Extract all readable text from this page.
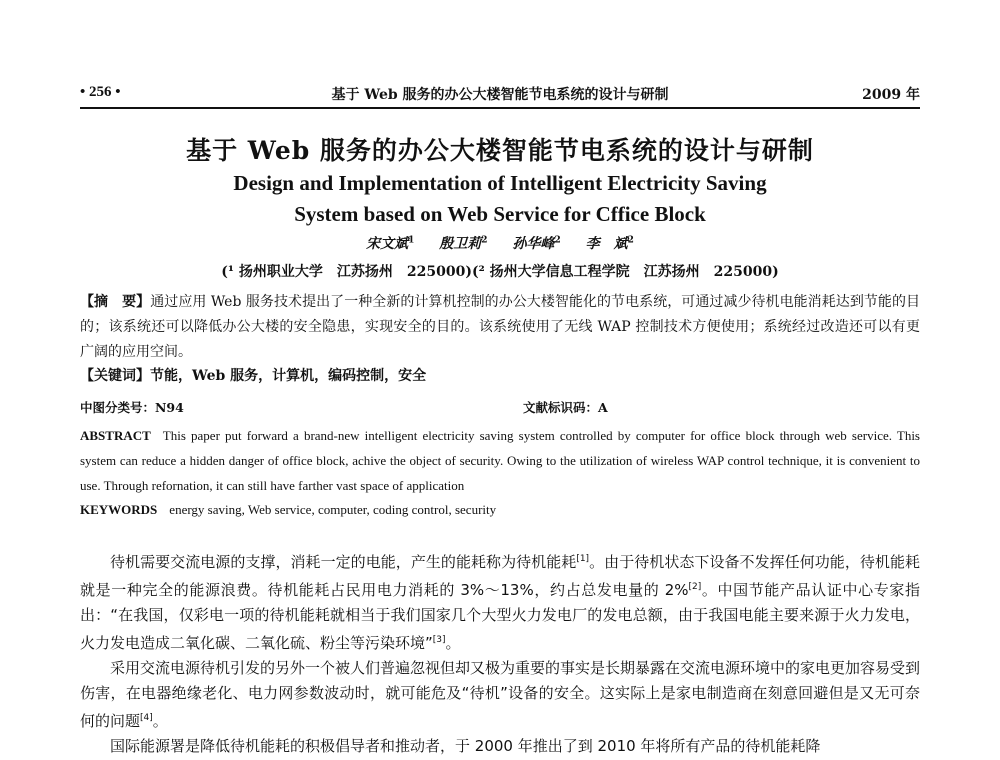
• 256 •	基于 Web 服务的办公大楼智能节电系统的设计与研制	2009 年
基于 Web 服务的办公大楼智能节电系统的设计与研制
Design and Implementation of Intelligent Electricity Saving
System based on Web Service for Cffice Block
宋文斌$^1$ 殷卫莉$^2$ 孙华峰$^2$ 李　斌$^2$
(¹ 扬州职业大学　江苏扬州　225000)(² 扬州大学信息工程学院　江苏扬州　225000)
【摘　要】通过应用 Web 服务技术提出了一种全新的计算机控制的办公大楼智能化的节电系统，可通过减少待机电能消耗达到节能的目的；该系统还可以降低办公大楼的安全隐患，实现安全的目的。该系统使用了无线 WAP 控制技术方便使用；系统经过改造还可以有更广阔的应用空间。
【关键词】节能，Web 服务，计算机，编码控制，安全
中图分类号：N94	文献标识码：A
ABSTRACT This paper put forward a brand-new intelligent electricity saving system controlled by computer for office block through web service. This system can reduce a hidden danger of office block, achive the object of security. Owing to the utilization of wireless WAP control technique, it is convenient to use. Through refornation, it can still have farther vast space of application
KEYWORDS energy saving, Web service, computer, coding control, security

待机需要交流电源的支撑，消耗一定的电能，产生的能耗称为待机能耗[1]。由于待机状态下设备不发挥任何功能，待机能耗就是一种完全的能源浪费。待机能耗占民用电力消耗的 3%～13%，约占总发电量的 2%[2]。中国节能产品认证中心专家指出：“在我国，仅彩电一项的待机能耗就相当于我们国家几个大型火力发电厂的发电总额，由于我国电能主要来源于火力发电，火力发电造成二氧化碳、二氧化硫、粉尘等污染环境”[3]。

采用交流电源待机引发的另外一个被人们普遍忽视但却又极为重要的事实是长期暴露在交流电源环境中的家电更加容易受到伤害，在电器绝缘老化、电力网参数波动时，就可能危及“待机”设备的安全。这实际上是家电制造商在刻意回避但是又无可奈何的问题[4]。

国际能源署是降低待机能耗的积极倡导者和推动者，于 2000 年推出了到 2010 年将所有产品的待机能耗降
